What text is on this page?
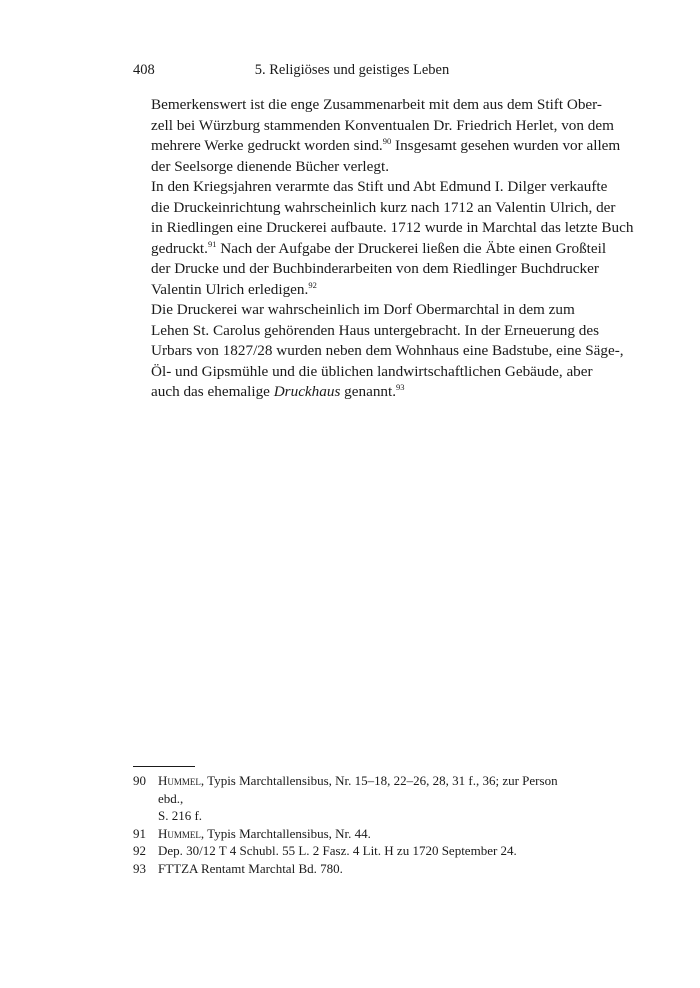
408	5. Religiöses und geistiges Leben

Bemerkenswert ist die enge Zusammenarbeit mit dem aus dem Stift Ober-
zell bei Würzburg stammenden Konventualen Dr. Friedrich Herlet, von dem
mehrere Werke gedruckt worden sind.$^{90}$ Insgesamt gesehen wurden vor allem
der Seelsorge dienende Bücher verlegt.

In den Kriegsjahren verarmte das Stift und Abt Edmund I. Dilger verkaufte
die Druckeinrichtung wahrscheinlich kurz nach 1712 an Valentin Ulrich, der
in Riedlingen eine Druckerei aufbaute. 1712 wurde in Marchtal das letzte Buch
gedruckt.$^{91}$ Nach der Aufgabe der Druckerei ließen die Äbte einen Großteil
der Drucke und der Buchbinderarbeiten von dem Riedlinger Buchdrucker
Valentin Ulrich erledigen.$^{92}$

Die Druckerei war wahrscheinlich im Dorf Obermarchtal in dem zum
Lehen St. Carolus gehörenden Haus untergebracht. In der Erneuerung des
Urbars von 1827/28 wurden neben dem Wohnhaus eine Badstube, eine Säge-,
Öl- und Gipsmühle und die üblichen landwirtschaftlichen Gebäude, aber
auch das ehemalige Druckhaus genannt.$^{93}$

90 Hummel, Typis Marchtallensibus, Nr. 15–18, 22–26, 28, 31 f., 36; zur Person ebd.,
S. 216 f.
91 Hummel, Typis Marchtallensibus, Nr. 44.
92 Dep. 30/12 T 4 Schubl. 55 L. 2 Fasz. 4 Lit. H zu 1720 September 24.
93 FTTZA Rentamt Marchtal Bd. 780.
